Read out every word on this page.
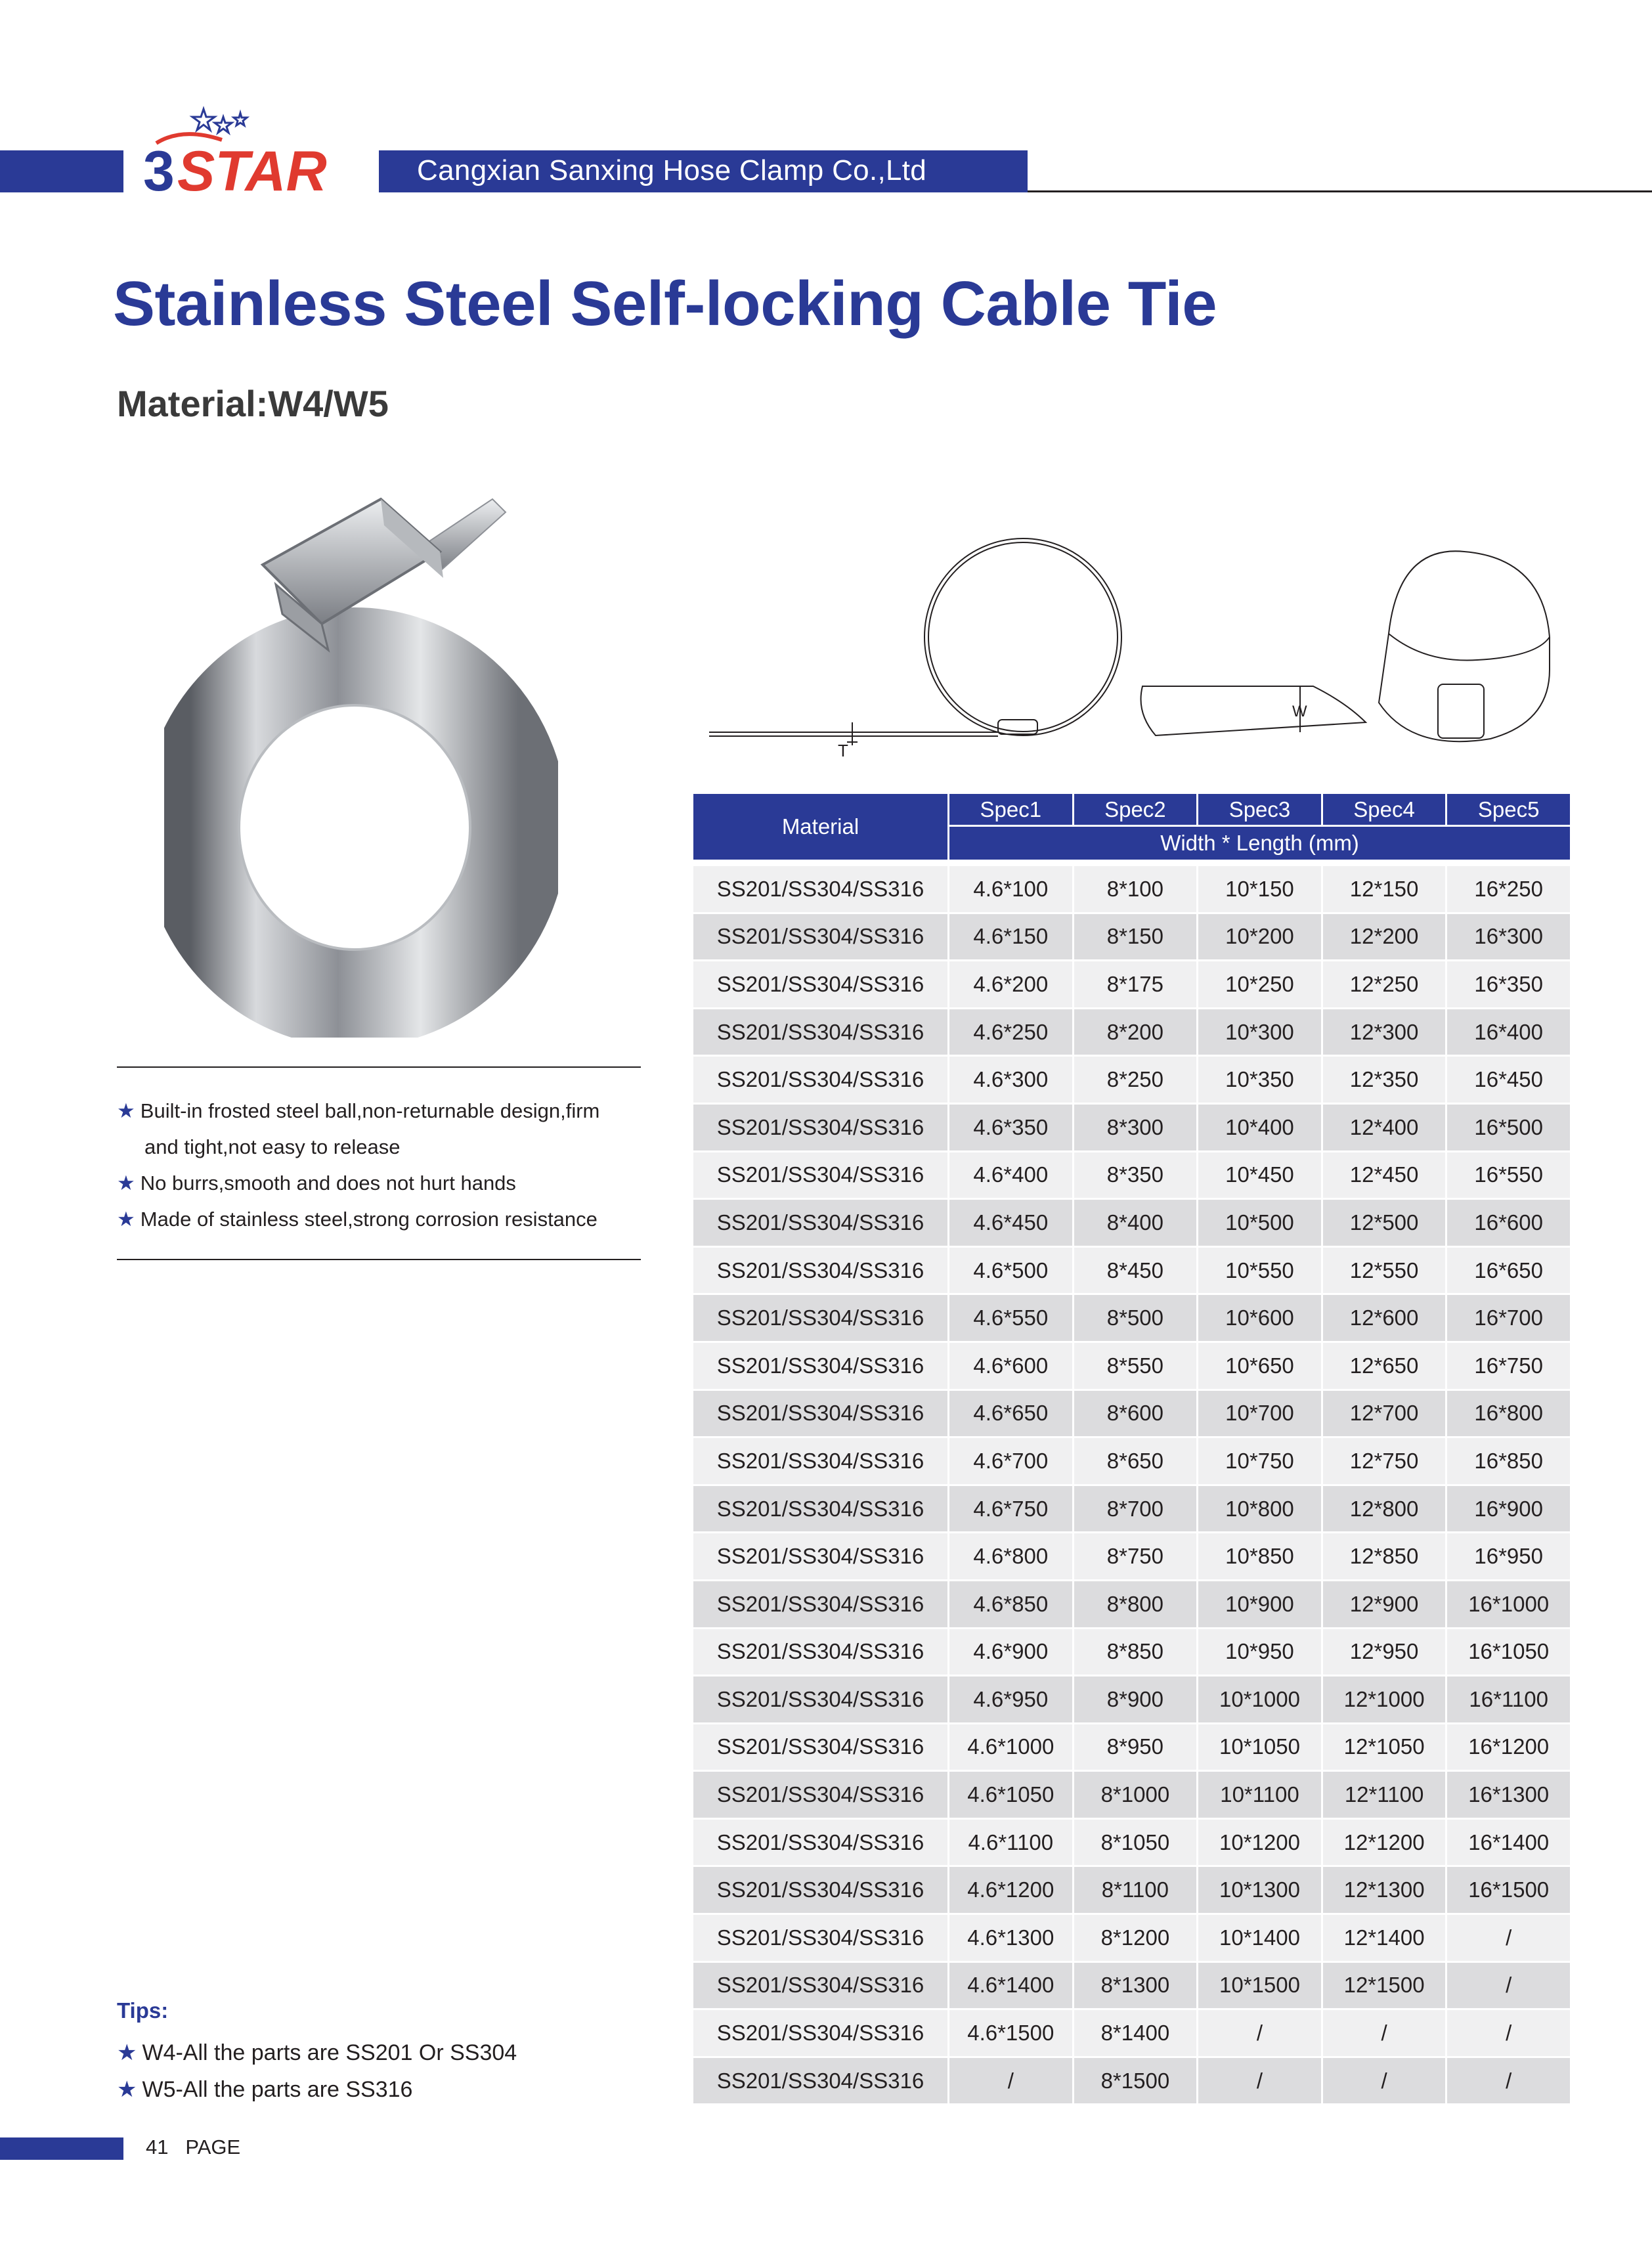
3 STAR	Cangxian Sanxing Hose Clamp Co.,Ltd
Stainless Steel Self-locking Cable Tie
Material:W4/W5
★ Built-in frosted steel ball,non-returnable design,firm
and tight,not easy to release
★ No burrs,smooth and does not hurt hands
★ Made of stainless steel,strong corrosion resistance
T
W
Material
Spec1	Spec2	Spec3	Spec4	Spec5
Width * Length (mm)
SS201/SS304/SS316	4.6*100	8*100	10*150	12*150	16*250
SS201/SS304/SS316	4.6*150	8*150	10*200	12*200	16*300
SS201/SS304/SS316	4.6*200	8*175	10*250	12*250	16*350
SS201/SS304/SS316	4.6*250	8*200	10*300	12*300	16*400
SS201/SS304/SS316	4.6*300	8*250	10*350	12*350	16*450
SS201/SS304/SS316	4.6*350	8*300	10*400	12*400	16*500
SS201/SS304/SS316	4.6*400	8*350	10*450	12*450	16*550
SS201/SS304/SS316	4.6*450	8*400	10*500	12*500	16*600
SS201/SS304/SS316	4.6*500	8*450	10*550	12*550	16*650
SS201/SS304/SS316	4.6*550	8*500	10*600	12*600	16*700
SS201/SS304/SS316	4.6*600	8*550	10*650	12*650	16*750
SS201/SS304/SS316	4.6*650	8*600	10*700	12*700	16*800
SS201/SS304/SS316	4.6*700	8*650	10*750	12*750	16*850
SS201/SS304/SS316	4.6*750	8*700	10*800	12*800	16*900
SS201/SS304/SS316	4.6*800	8*750	10*850	12*850	16*950
SS201/SS304/SS316	4.6*850	8*800	10*900	12*900	16*1000
SS201/SS304/SS316	4.6*900	8*850	10*950	12*950	16*1050
SS201/SS304/SS316	4.6*950	8*900	10*1000	12*1000	16*1100
SS201/SS304/SS316	4.6*1000	8*950	10*1050	12*1050	16*1200
SS201/SS304/SS316	4.6*1050	8*1000	10*1100	12*1100	16*1300
SS201/SS304/SS316	4.6*1100	8*1050	10*1200	12*1200	16*1400
SS201/SS304/SS316	4.6*1200	8*1100	10*1300	12*1300	16*1500
SS201/SS304/SS316	4.6*1300	8*1200	10*1400	12*1400	/
SS201/SS304/SS316	4.6*1400	8*1300	10*1500	12*1500	/
SS201/SS304/SS316	4.6*1500	8*1400	/	/	/
SS201/SS304/SS316	/	8*1500	/	/	/
Tips:
★ W4-All the parts are SS201 Or SS304
★ W5-All the parts are SS316
41 PAGE
